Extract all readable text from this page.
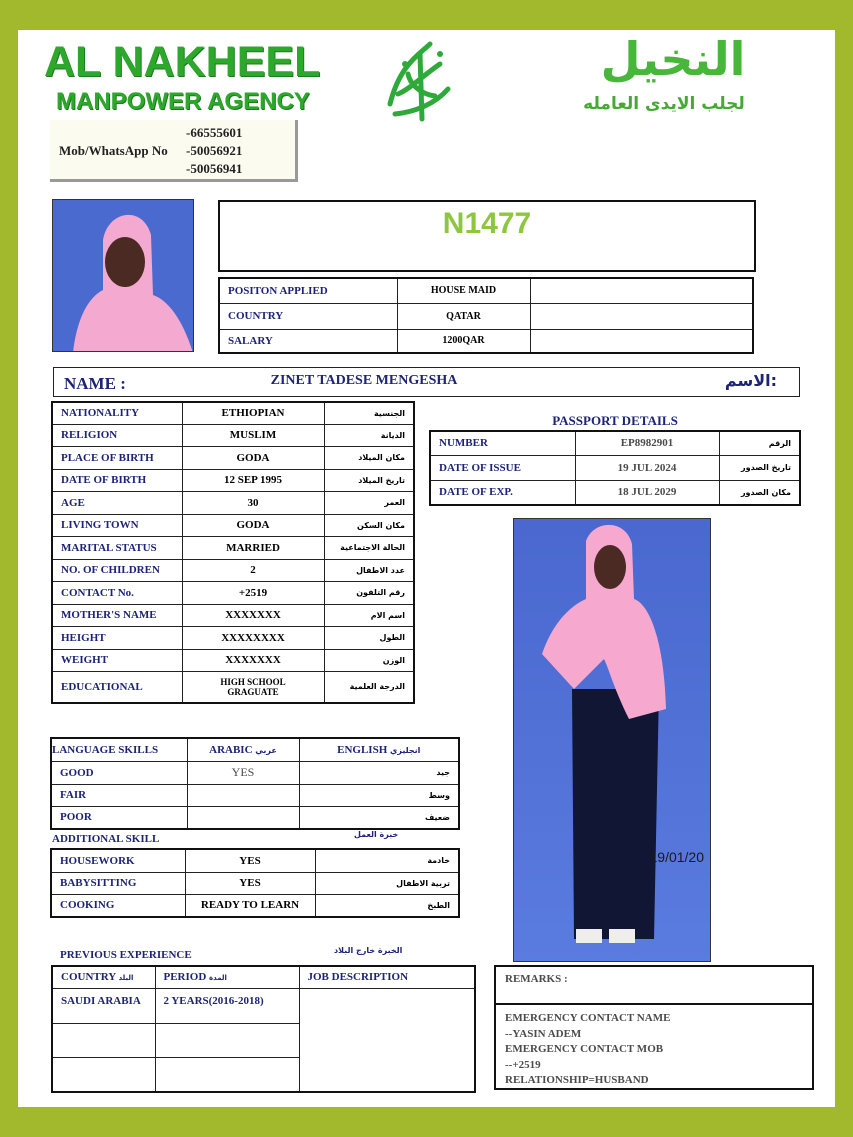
AL NAKHEEL
MANPOWER AGENCY
Mob/WhatsApp No
-66555601
-50056921
-50056941
النخيل
لجلب الايدى العامله
N1477
POSITON APPLIED	HOUSE MAID	
COUNTRY	QATAR	
SALARY	1200QAR	
NAME :	ZINET TADESE MENGESHA	الاسم:
NATIONALITY	ETHIOPIAN	الجنسية
RELIGION	MUSLIM	الديانة
PLACE OF BIRTH	GODA	مكان الميلاد
DATE OF BIRTH	12 SEP 1995	تاريخ الميلاد
AGE	30	العمر
LIVING TOWN	GODA	مكان السكن
MARITAL STATUS	MARRIED	الحالة الاجتماعية
NO. OF CHILDREN	2	عدد الاطفال
CONTACT No.	+2519	رقم التلفون
MOTHER'S NAME	XXXXXXX	اسم الام
HEIGHT	XXXXXXXX	الطول
WEIGHT	XXXXXXX	الوزن
EDUCATIONAL	HIGH SCHOOL GRAGUATE	الدرجة العلمية
PASSPORT DETAILS
NUMBER	EP8982901	الرقم
DATE OF ISSUE	19 JUL 2024	تاريخ الصدور
DATE OF EXP.	18 JUL 2029	مكان الصدور
19/01/20
LANGUAGE SKILLS	ARABIC عربي	ENGLISH انجليزي
GOOD	YES	جيد
FAIR		وسط
POOR		ضعيف
ADDITIONAL SKILL	خبرة العمل
HOUSEWORK	YES	خادمة
BABYSITTING	YES	تربية الاطفال
COOKING	READY TO LEARN	الطبخ
PREVIOUS EXPERIENCE	الخبرة خارج البلاد
COUNTRY البلد	PERIOD المدة	JOB DESCRIPTION
SAUDI ARABIA	2 YEARS(2016-2018)	

REMARKS :
EMERGENCY CONTACT NAME
--YASIN ADEM
EMERGENCY CONTACT MOB
--+2519
RELATIONSHIP=HUSBAND
